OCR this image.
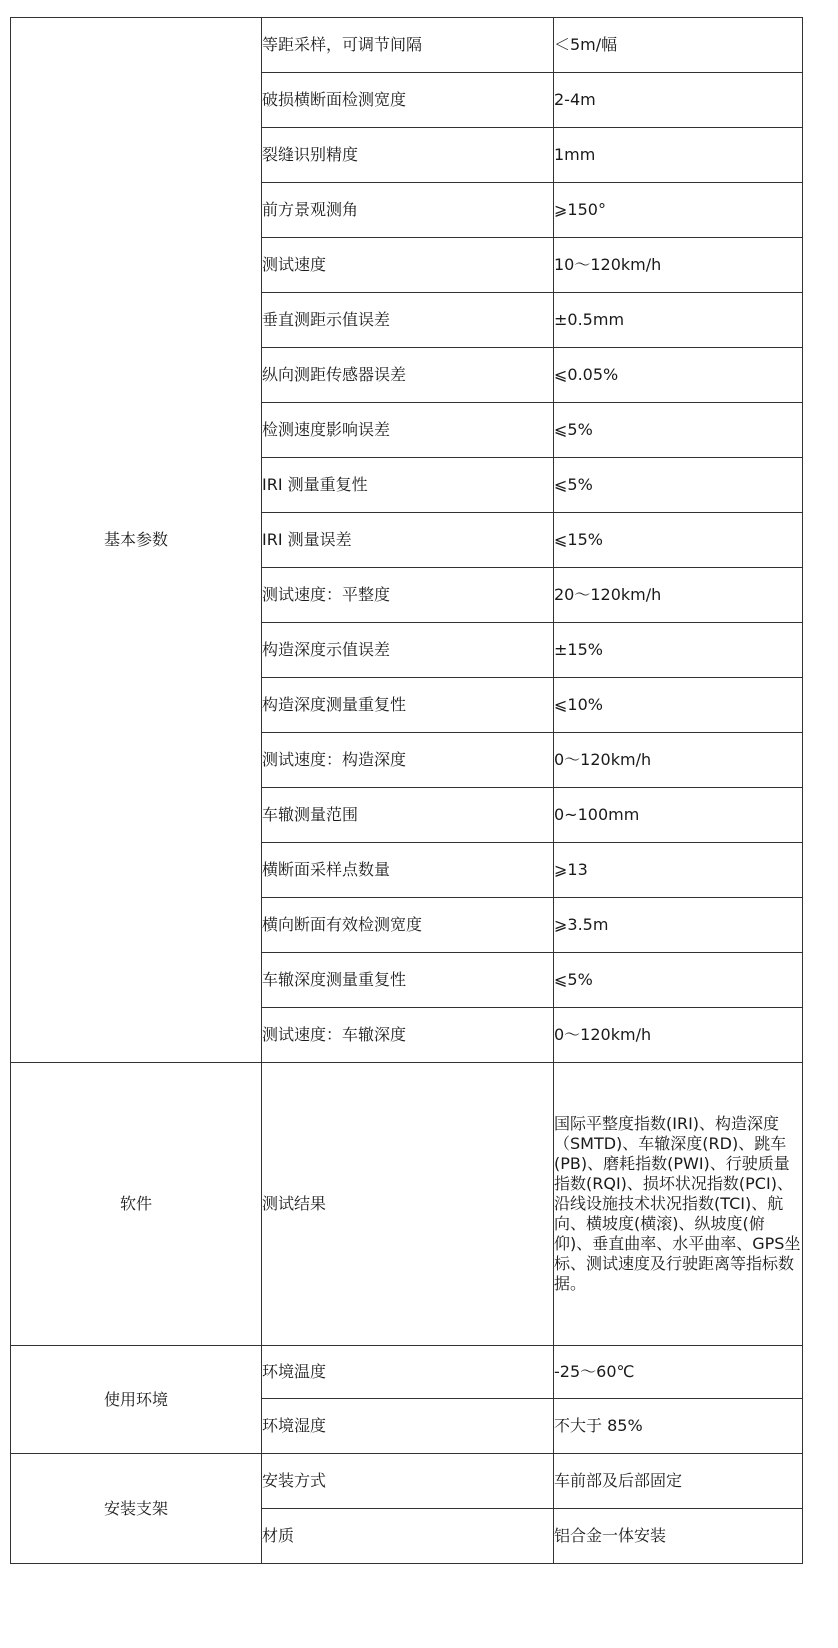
基本参数	等距采样，可调节间隔	＜5m/幅
	破损横断面检测宽度	2-4m
	裂缝识别精度	1mm
	前方景观测角	⩾150°
	测试速度	10～120km/h
	垂直测距示值误差	±0.5mm
	纵向测距传感器误差	⩽0.05%
	检测速度影响误差	⩽5%
	IRI 测量重复性	⩽5%
	IRI 测量误差	⩽15%
	测试速度：平整度	20～120km/h
	构造深度示值误差	±15%
	构造深度测量重复性	⩽10%
	测试速度：构造深度	0～120km/h
	车辙测量范围	0~100mm
	横断面采样点数量	⩾13
	横向断面有效检测宽度	⩾3.5m
	车辙深度测量重复性	⩽5%
	测试速度：车辙深度	0～120km/h
软件	测试结果	国际平整度指数(IRI)、构造深度（SMTD)、车辙深度(RD)、跳车(PB)、磨耗指数(PWI)、行驶质量指数(RQI)、损坏状况指数(PCI)、沿线设施技术状况指数(TCI)、航向、横坡度(横滚)、纵坡度(俯仰)、垂直曲率、水平曲率、GPS坐标、测试速度及行驶距离等指标数据。
使用环境	环境温度	-25～60℃
	环境湿度	不大于 85%
安装支架	安装方式	车前部及后部固定
	材质	铝合金一体安装
